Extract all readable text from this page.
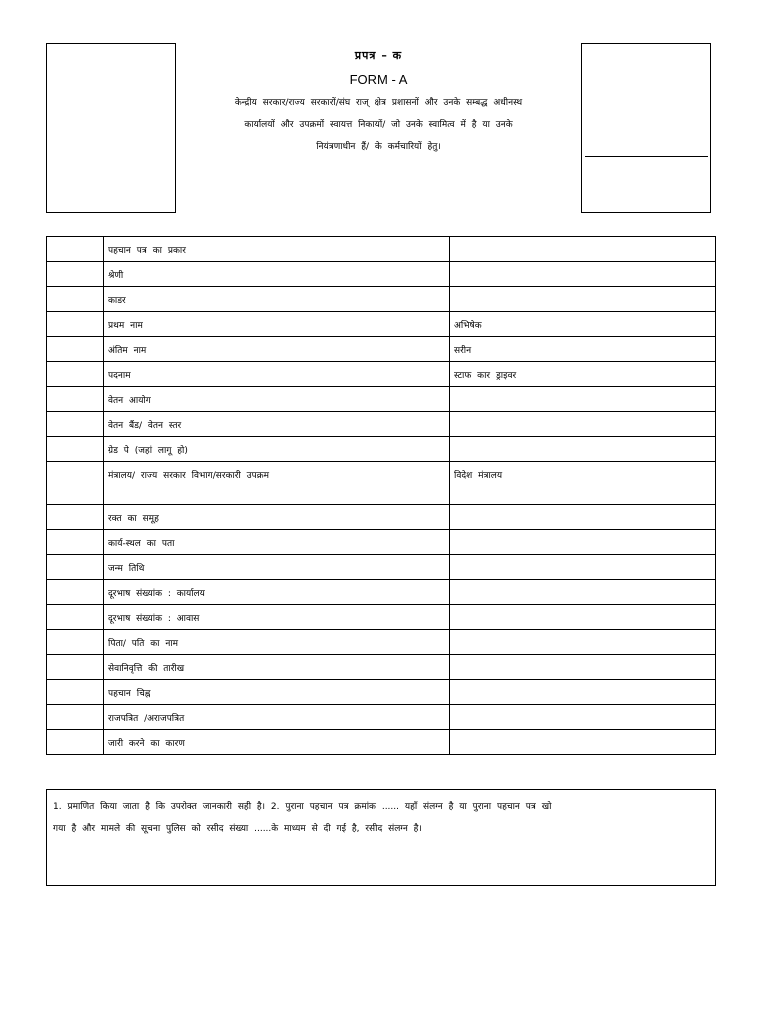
प्रपत्र – क
FORM - A
केन्द्रीय सरकार/राज्य सरकारों/संघ राज् क्षेत्र प्रशासनों और उनके सम्बद्ध अधीनस्थ
कार्यालयों और उपक्रमों स्वायत्त निकायों/ जो उनके स्वामित्व में है या उनके
नियंत्रणाधीन हैं/ के कर्मचारियों हेतु।
	पहचान पत्र का प्रकार	
	श्रेणी	
	काडर	
	प्रथम नाम	अभिषेक
	अंतिम नाम	सरीन
	पदनाम	स्टाफ कार ड्राइवर
	वेतन आयोग	
	वेतन बैंड/ वेतन स्तर	
	ग्रेड पे (जहां लागू हो)	
	मंत्रालय/ राज्य सरकार विभाग/सरकारी उपक्रम	विदेश मंत्रालय
	रक्त का समूह	
	कार्य-स्थल का पता	
	जन्म तिथि	
	दूरभाष संख्यांक : कार्यालय	
	दूरभाष संख्यांक : आवास	
	पिता/ पति का नाम	
	सेवानिवृत्ति की तारीख	
	पहचान चिह्न	
	राजपत्रित /अराजपत्रित	
	जारी करने का कारण	
1. प्रमाणित किया जाता है कि उपरोक्त जानकारी सही है। 2. पुराना पहचान पत्र क्रमांक ...... यहाँ संलग्न है या पुराना पहचान पत्र खो
गया है और मामले की सूचना पुलिस को रसीद संख्या ......के माध्यम से दी गई है, रसीद संलग्न है।
